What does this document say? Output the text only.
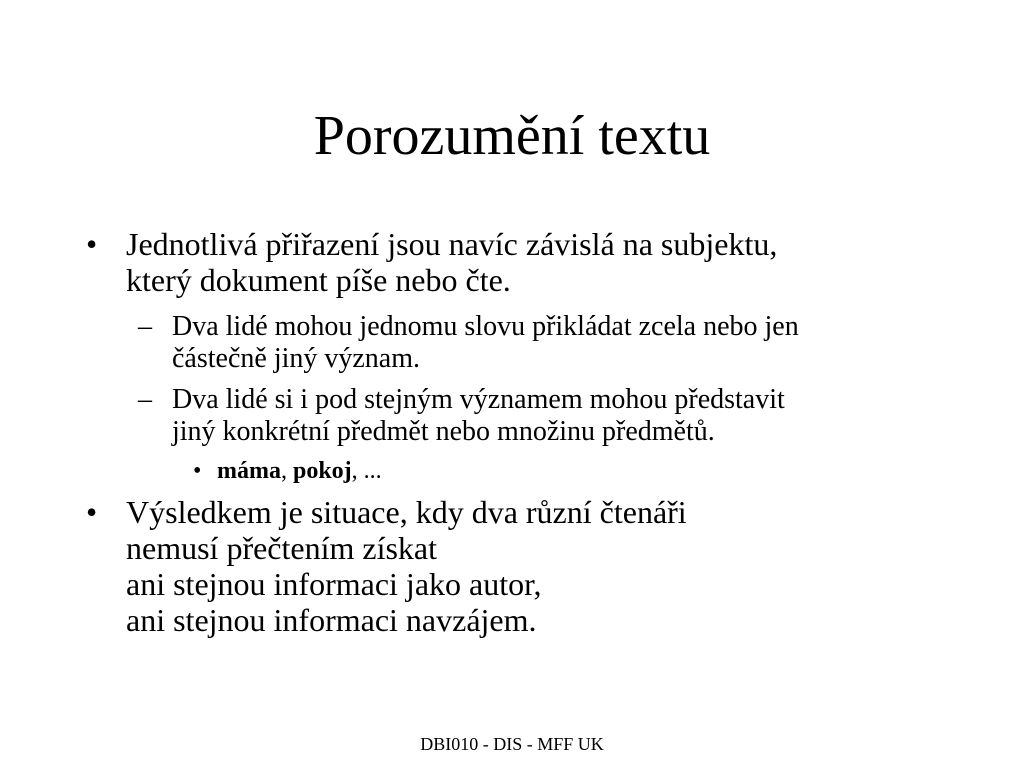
Porozumění textu
• Jednotlivá přiřazení jsou navíc závislá na subjektu,
který dokument píše nebo čte.
– Dva lidé mohou jednomu slovu přikládat zcela nebo jen
částečně jiný význam.
– Dva lidé si i pod stejným významem mohou představit
jiný konkrétní předmět nebo množinu předmětů.
• máma, pokoj, ...
• Výsledkem je situace, kdy dva různí čtenáři
nemusí přečtením získat
ani stejnou informaci jako autor,
ani stejnou informaci navzájem.
DBI010 - DIS - MFF UK
